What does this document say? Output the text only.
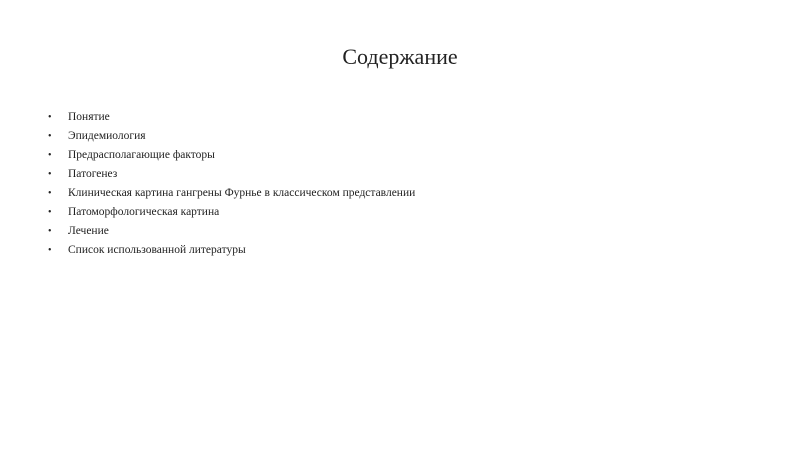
Содержание
•	Понятие
•	Эпидемиология
•	Предрасполагающие факторы
•	Патогенез
•	Клиническая картина гангрены Фурнье в классическом представлении
•	Патоморфологическая картина
•	Лечение
•	Список использованной литературы
